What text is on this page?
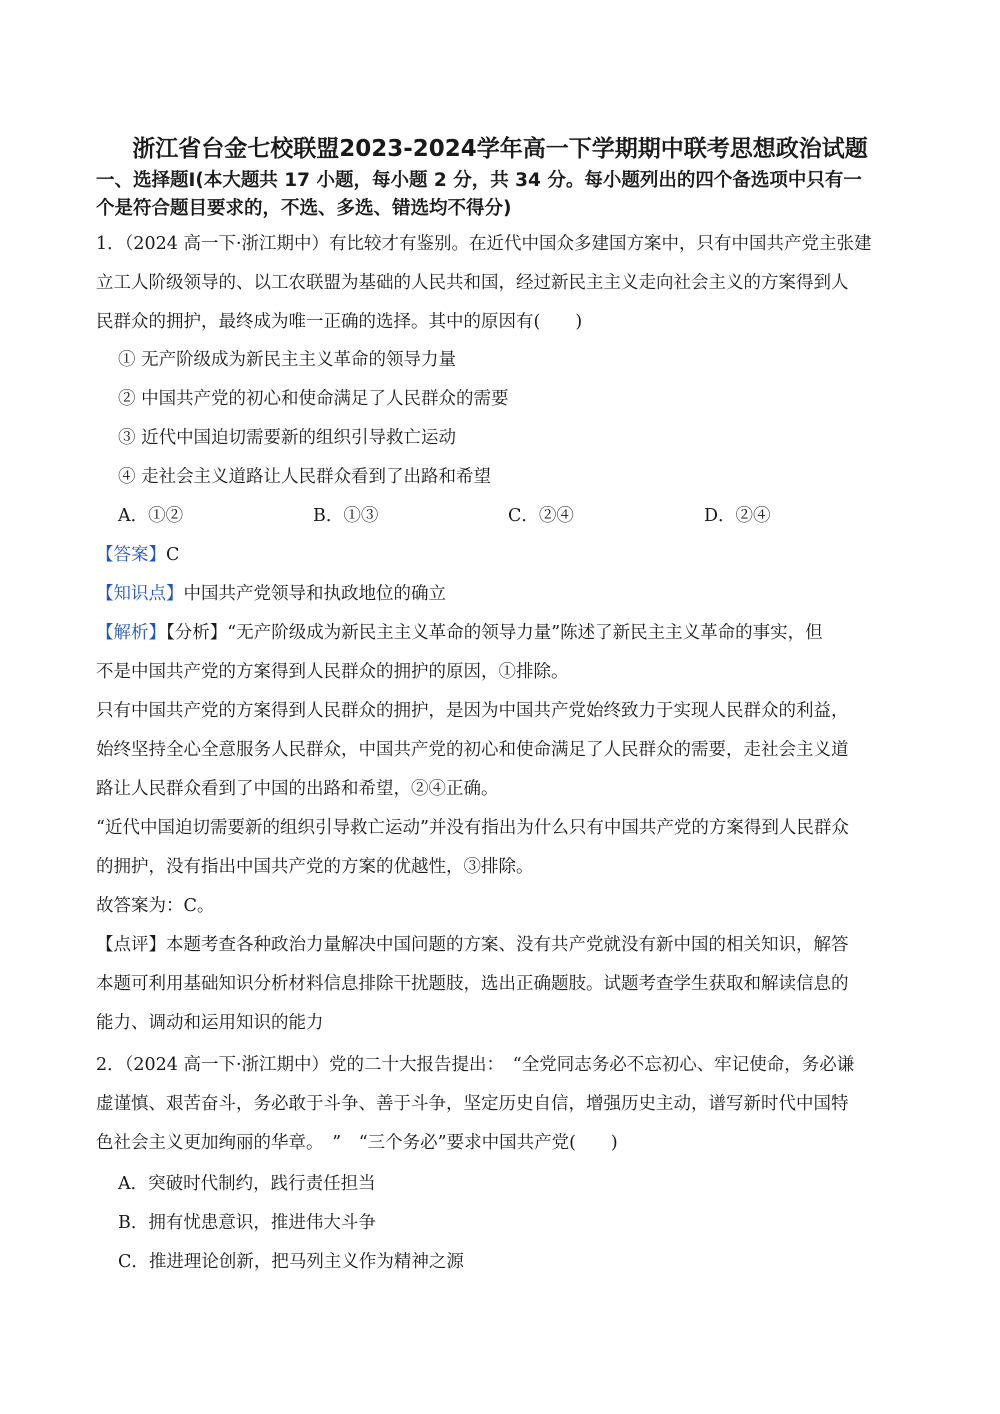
浙江省台金七校联盟2023-2024学年高一下学期期中联考思想政治试题
一、选择题Ⅰ(本大题共 17 小题，每小题 2 分，共 34 分。每小题列出的四个备选项中只有一
个是符合题目要求的，不选、多选、错选均不得分)
1．（2024 高一下·浙江期中）有比较才有鉴别。在近代中国众多建国方案中，只有中国共产党主张建
立工人阶级领导的、以工农联盟为基础的人民共和国，经过新民主主义走向社会主义的方案得到人
民群众的拥护，最终成为唯一正确的选择。其中的原因有(　　)
① 无产阶级成为新民主主义革命的领导力量
② 中国共产党的初心和使命满足了人民群众的需要
③ 近代中国迫切需要新的组织引导救亡运动
④ 走社会主义道路让人民群众看到了出路和希望
A．①②	B．①③	C．②④	D．②④
【答案】C
【知识点】中国共产党领导和执政地位的确立
【解析】【分析】“无产阶级成为新民主主义革命的领导力量”陈述了新民主主义革命的事实，但
不是中国共产党的方案得到人民群众的拥护的原因，①排除。
只有中国共产党的方案得到人民群众的拥护，是因为中国共产党始终致力于实现人民群众的利益，
始终坚持全心全意服务人民群众，中国共产党的初心和使命满足了人民群众的需要，走社会主义道
路让人民群众看到了中国的出路和希望，②④正确。
“近代中国迫切需要新的组织引导救亡运动”并没有指出为什么只有中国共产党的方案得到人民群众
的拥护，没有指出中国共产党的方案的优越性，③排除。
故答案为：C。
【点评】本题考查各种政治力量解决中国问题的方案、没有共产党就没有新中国的相关知识，解答
本题可利用基础知识分析材料信息排除干扰题肢，选出正确题肢。试题考查学生获取和解读信息的
能力、调动和运用知识的能力
2．（2024 高一下·浙江期中）党的二十大报告提出：　“全党同志务必不忘初心、牢记使命，务必谦
虚谨慎、艰苦奋斗，务必敢于斗争、善于斗争，坚定历史自信，增强历史主动，谱写新时代中国特
色社会主义更加绚丽的华章。　”　“三个务必”要求中国共产党(　　)
A．突破时代制约，践行责任担当
B．拥有忧患意识，推进伟大斗争
C．推进理论创新，把马列主义作为精神之源
